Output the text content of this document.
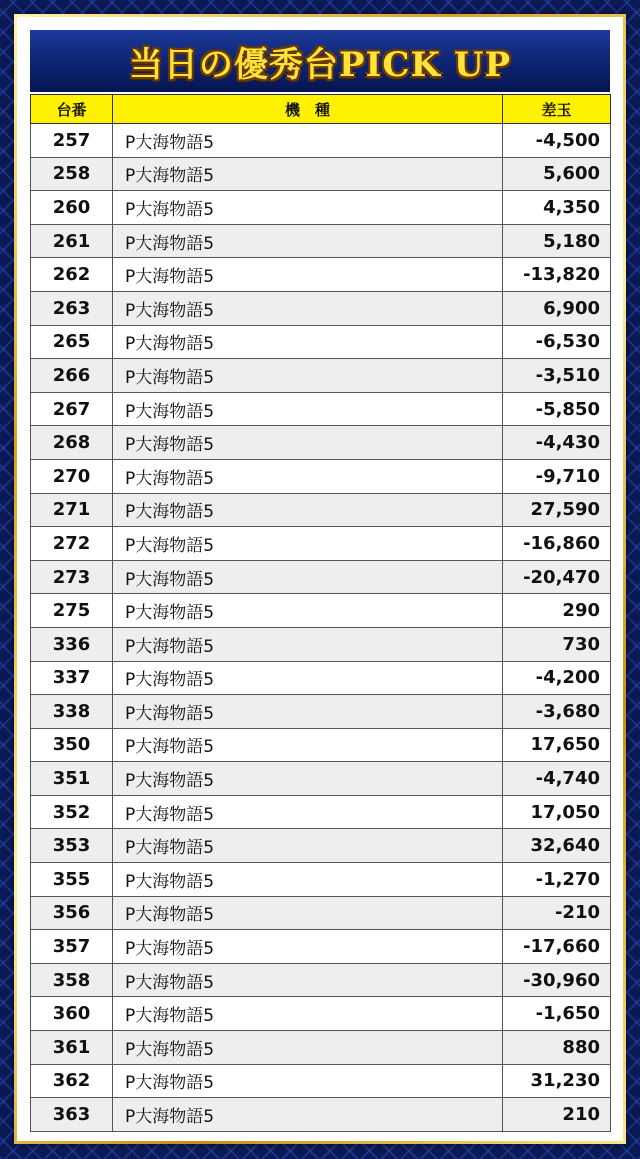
当日の優秀台PICK UP
台番	機　種	差玉
257	P大海物語5	-4,500
258	P大海物語5	5,600
260	P大海物語5	4,350
261	P大海物語5	5,180
262	P大海物語5	-13,820
263	P大海物語5	6,900
265	P大海物語5	-6,530
266	P大海物語5	-3,510
267	P大海物語5	-5,850
268	P大海物語5	-4,430
270	P大海物語5	-9,710
271	P大海物語5	27,590
272	P大海物語5	-16,860
273	P大海物語5	-20,470
275	P大海物語5	290
336	P大海物語5	730
337	P大海物語5	-4,200
338	P大海物語5	-3,680
350	P大海物語5	17,650
351	P大海物語5	-4,740
352	P大海物語5	17,050
353	P大海物語5	32,640
355	P大海物語5	-1,270
356	P大海物語5	-210
357	P大海物語5	-17,660
358	P大海物語5	-30,960
360	P大海物語5	-1,650
361	P大海物語5	880
362	P大海物語5	31,230
363	P大海物語5	210
